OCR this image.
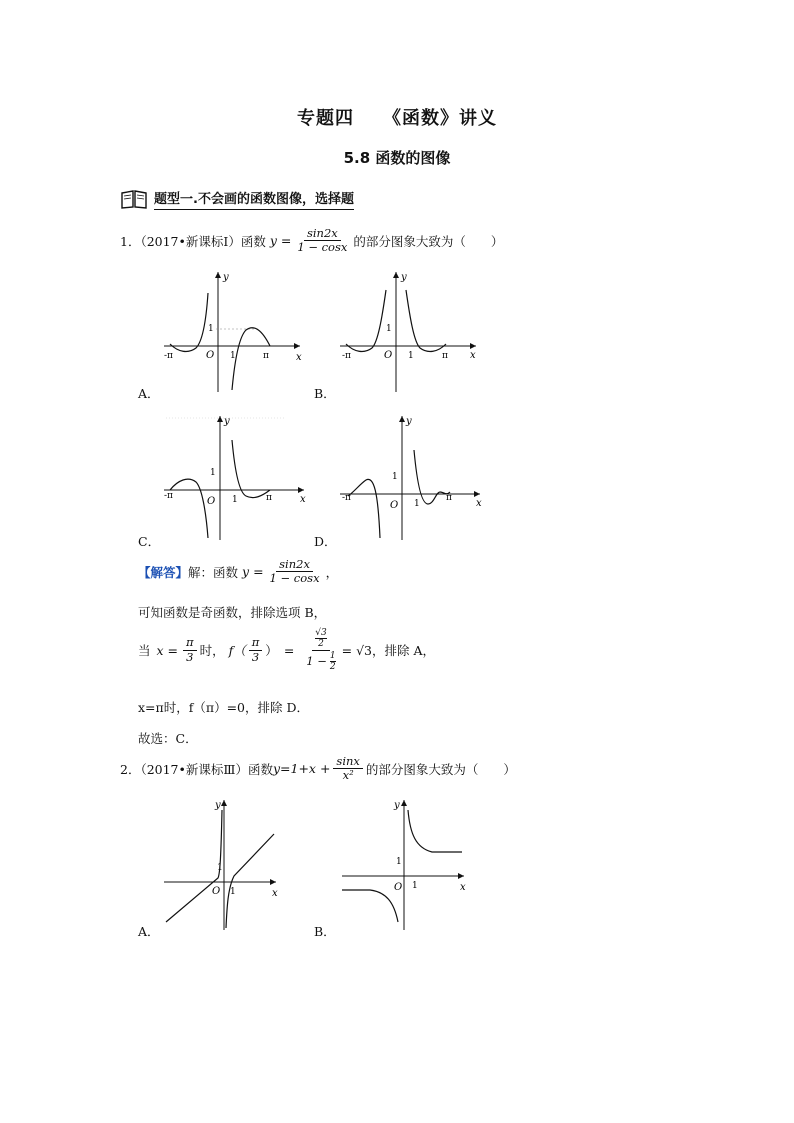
专题四    《函数》讲义
5.8 函数的图像
题型一.不会画的函数图像，选择题
1．（2017•新课标Ⅰ）函数 $y = \frac{\sin 2x}{1 - \cos x}$ 的部分图象大致为（　　）
x
y
O
1
1
-π	π
A．
x
y
O
1
1
-π	π
B．
x
y
O
1
1
-π	π
C．
x
y
O
1
1
-π	π
D．
【解答】 解：函数 $y = \frac{\sin 2x}{1 - \cos x}$ ，
可知函数是奇函数，排除选项 B，
当 $x = \frac{\pi}{3}$ 时， $f( \frac{\pi}{3}$ ） = √3
2
$1 - \frac{1}{2} = √3$，排除 A，
x=π时，f（π）=0，排除 D．
故选：C．
2．（2017•新课标Ⅲ）函数 $y=1+x + \frac{\sin x}{\text{x²}}$ 的部分图象大致为（　　）
x
y
O
1
1
A．
x
y
O
1
1
B．
